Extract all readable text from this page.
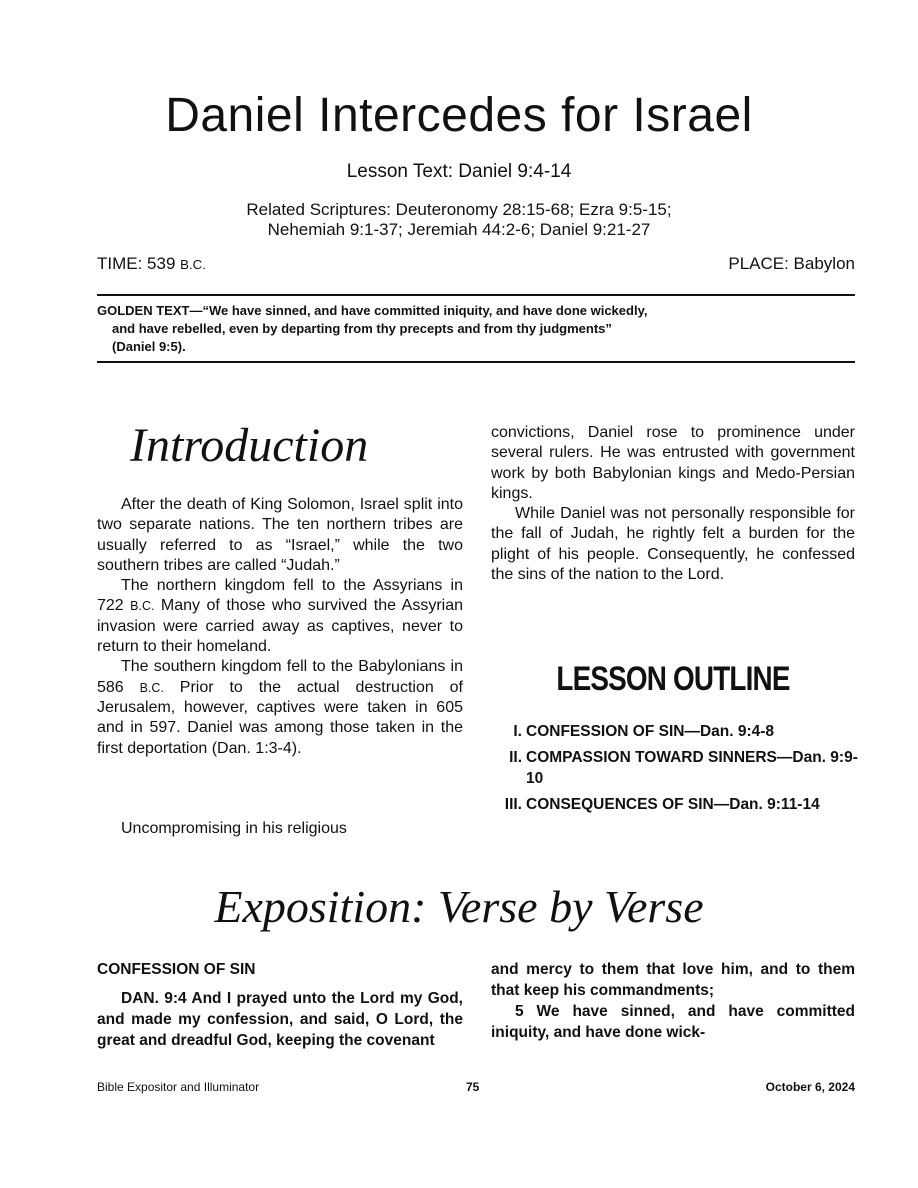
Daniel Intercedes for Israel
Lesson Text: Daniel 9:4-14
Related Scriptures: Deuteronomy 28:15-68; Ezra 9:5-15;
Nehemiah 9:1-37; Jeremiah 44:2-6; Daniel 9:21-27
TIME: 539 B.C.	PLACE: Babylon
GOLDEN TEXT—“We have sinned, and have committed iniquity, and have done wickedly,
and have rebelled, even by departing from thy precepts and from thy judgments”
(Daniel 9:5).
Introduction

After the death of King Solomon, Israel split into two separate nations. The ten northern tribes are usually referred to as “Israel,” while the two southern tribes are called “Judah.”

The northern kingdom fell to the Assyrians in 722 B.C. Many of those who survived the Assyrian invasion were carried away as captives, never to return to their homeland.

The southern kingdom fell to the Babylonians in 586 B.C. Prior to the actual destruction of Jerusalem, however, captives were taken in 605 and in 597. Daniel was among those taken in the first deportation (Dan. 1:3-4).

Uncompromising in his religious

convictions, Daniel rose to prominence under several rulers. He was entrusted with government work by both Babylonian kings and Medo-Persian kings.

While Daniel was not personally responsible for the fall of Judah, he rightly felt a burden for the plight of his people. Consequently, he confessed the sins of the nation to the Lord.

LESSON OUTLINE
I. CONFESSION OF SIN—Dan. 9:4-8
II. COMPASSION TOWARD SINNERS—Dan. 9:9-10
III. CONSEQUENCES OF SIN—Dan. 9:11-14
Exposition: Verse by Verse
CONFESSION OF SIN

DAN. 9:4 And I prayed unto the Lord my God, and made my confession, and said, O Lord, the great and dreadful God, keeping the covenant

and mercy to them that love him, and to them that keep his commandments;

5 We have sinned, and have committed iniquity, and have done wick-

Bible Expositor and Illuminator	75	October 6, 2024
